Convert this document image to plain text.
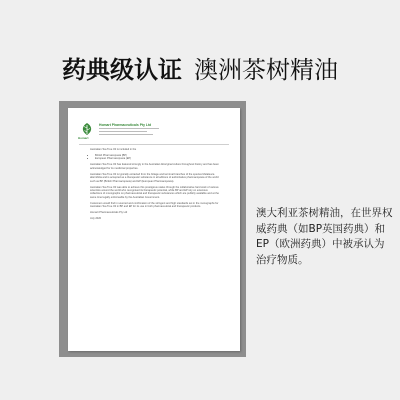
药典级认证 澳洲茶树精油
Homart
Homart Pharmaceuticals Pty Ltd

Australian Tea Tree Oil is included in the

• British Pharmacopoeia (BP)
• European Pharmacopoeia (EP)

Australian Tea Tree Oil has featured strongly in the Australian Aboriginal culture throughout history and has been acknowledged for its medicinal properties.

Australian Tea Tree Oil is typically extracted from the foliage and terminal branches of the species Melaleuca alternifolia and is accepted as a therapeutic substance in all editions of authoritative pharmacopoeia of the world such as BP (British Pharmacopoeia) and EP (European Pharmacopoeia).

Australian Tea Tree Oil was able to achieve this prestigious status through the collaborative hard work of various scientists around the world who recognised its therapeutic potential, while BP and EP rely on extensive collections of monographs on pharmaceutical and therapeutic substances which are publicly available and at the same time legally enforceable by the Australian Government.

Customers would find in sourced and confirmation of the stringent and high standards set in the monographs for Australian Tea Tree Oil in BP and EP for its use in both pharmaceutical and therapeutic products.

Homart Pharmaceuticals Pty Ltd

July 2020	澳大利亚茶树精油，在世界权威药典（如BP英国药典）和EP（欧洲药典）中被承认为治疗物质。
